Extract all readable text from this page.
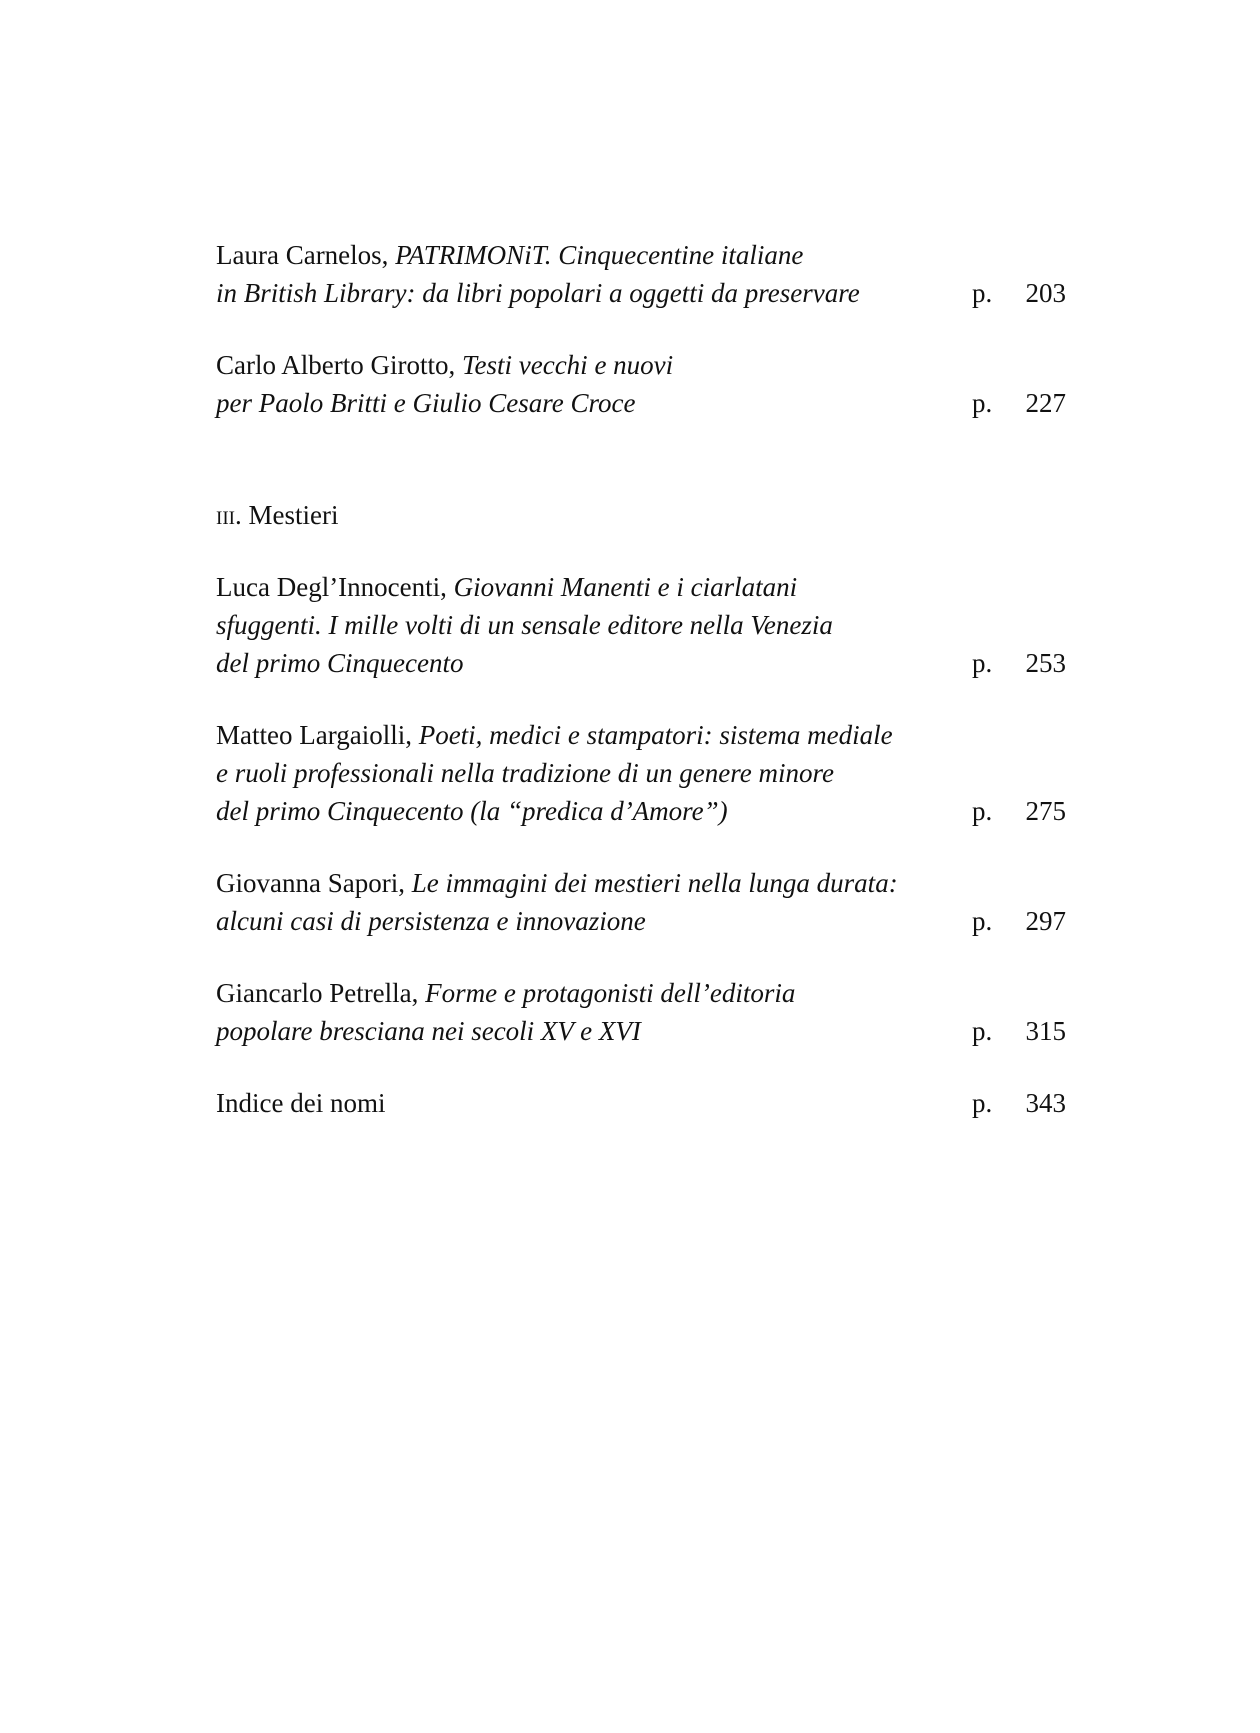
Laura Carnelos, PATRIMONiT. Cinquecentine italiane
in British Library: da libri popolari a oggetti da preservare	p. 203
Carlo Alberto Girotto, Testi vecchi e nuovi
per Paolo Britti e Giulio Cesare Croce	p. 227
iii. Mestieri
Luca Degl’Innocenti, Giovanni Manenti e i ciarlatani
sfuggenti. I mille volti di un sensale editore nella Venezia
del primo Cinquecento	p. 253
Matteo Largaiolli, Poeti, medici e stampatori: sistema mediale
e ruoli professionali nella tradizione di un genere minore
del primo Cinquecento (la “predica d’Amore”)	p. 275
Giovanna Sapori, Le immagini dei mestieri nella lunga durata:
alcuni casi di persistenza e innovazione	p. 297
Giancarlo Petrella, Forme e protagonisti dell’editoria
popolare bresciana nei secoli XV e XVI	p. 315
Indice dei nomi	p. 343
